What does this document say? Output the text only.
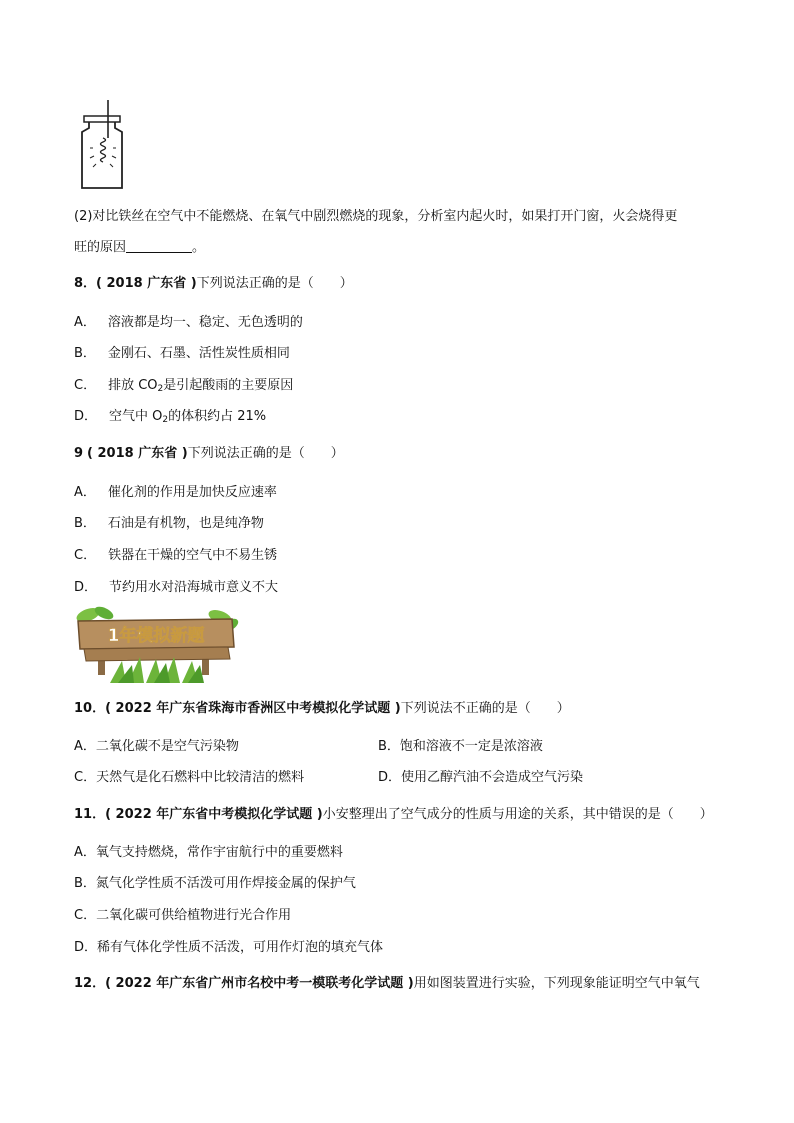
(2)对比铁丝在空气中不能燃烧、在氧气中剧烈燃烧的现象，分析室内起火时，如果打开门窗，火会烧得更
旺的原因	。
8．( 2018 广东省 )下列说法正确的是（　　）
A． 溶液都是均一、稳定、无色透明的
B． 金刚石、石墨、活性炭性质相同
C． 排放 $CO_2$是引起酸雨的主要原因
D． 空气中 $O_2$的体积约占 21%
9 ( 2018 广东省 )下列说法正确的是（　　）
A． 催化剂的作用是加快反应速率
B． 石油是有机物，也是纯净物
C． 铁器在干燥的空气中不易生锈
D． 节约用水对沿海城市意义不大
1年模拟新题
10．( 2022 年广东省珠海市香洲区中考模拟化学试题 )下列说法不正确的是（　　）
A．二氧化碳不是空气污染物	B．饱和溶液不一定是浓溶液
C．天然气是化石燃料中比较清洁的燃料	D．使用乙醇汽油不会造成空气污染
11．( 2022 年广东省中考模拟化学试题 )小安整理出了空气成分的性质与用途的关系，其中错误的是（　　）
A．氧气支持燃烧，常作宇宙航行中的重要燃料
B．氮气化学性质不活泼可用作焊接金属的保护气
C．二氧化碳可供给植物进行光合作用
D．稀有气体化学性质不活泼，可用作灯泡的填充气体
12．( 2022 年广东省广州市名校中考一模联考化学试题 )用如图装置进行实验，下列现象能证明空气中氧气
